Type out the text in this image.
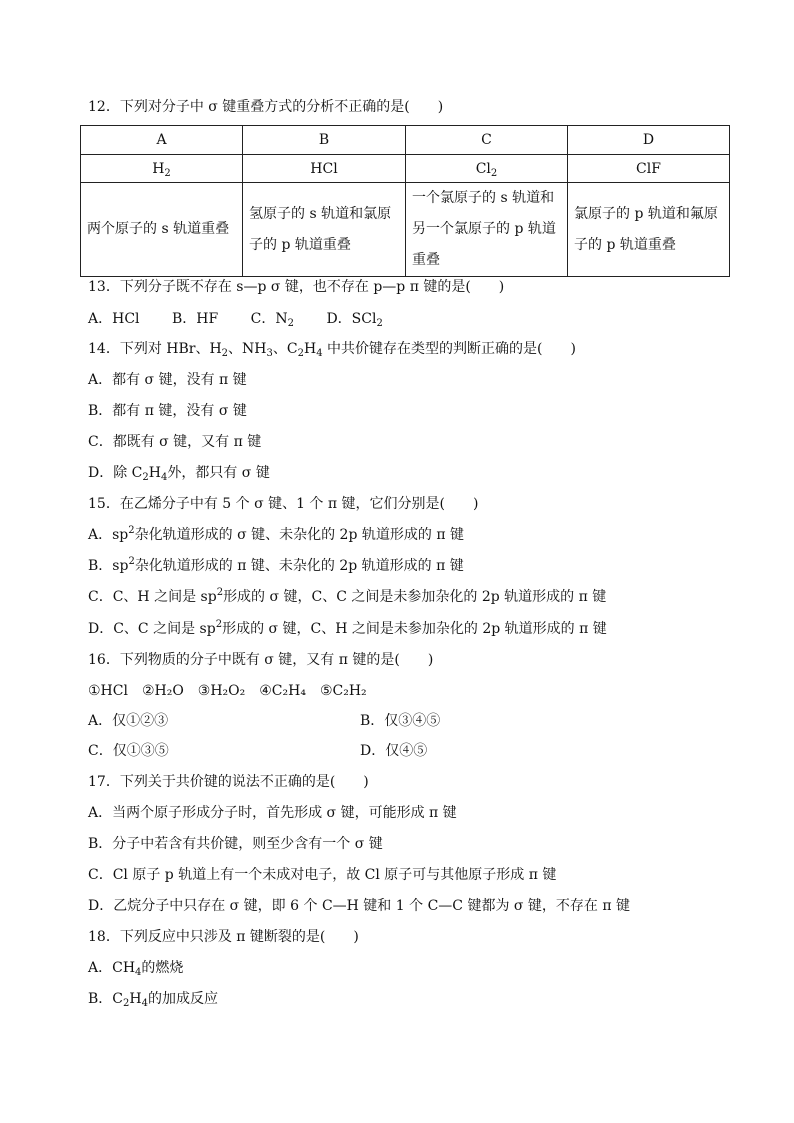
12．下列对分子中 σ 键重叠方式的分析不正确的是(　　)
A	B	C	D
$H_2$	HCl	$Cl_2$	ClF
两个原子的 s 轨道重叠	氢原子的 s 轨道和氯原子的 p 轨道重叠	一个氯原子的 s 轨道和另一个氯原子的 p 轨道重叠	氯原子的 p 轨道和氟原子的 p 轨道重叠
13．下列分子既不存在 s—p σ 键，也不存在 p—p π 键的是(　　)
A．HCl　　 B．HF　　 C．$N_2$　　 D．SCl$_2$
14．下列对 HBr、$H_2$、$NH_3$、$C_2H_4$ 中共价键存在类型的判断正确的是(　　)
A．都有 σ 键，没有 π 键
B．都有 π 键，没有 σ 键
C．都既有 σ 键，又有 π 键
D．除 $C_2H_4$外，都只有 σ 键
15．在乙烯分子中有 5 个 σ 键、1 个 π 键，它们分别是(　　)
A．$sp^2$杂化轨道形成的 σ 键、未杂化的 2p 轨道形成的 π 键
B．$sp^2$杂化轨道形成的 π 键、未杂化的 2p 轨道形成的 π 键
C．C、H 之间是 $sp^2$形成的 σ 键，C、C 之间是未参加杂化的 2p 轨道形成的 π 键
D．C、C 之间是 $sp^2$形成的 σ 键，C、H 之间是未参加杂化的 2p 轨道形成的 π 键
16．下列物质的分子中既有 σ 键，又有 π 键的是(　　)
①HCl　②H₂O　③H₂O₂　④C₂H₄　⑤C₂H₂
A．仅①②③	B．仅③④⑤
C．仅①③⑤	D．仅④⑤
17．下列关于共价键的说法不正确的是(　　)
A．当两个原子形成分子时，首先形成 σ 键，可能形成 π 键
B．分子中若含有共价键，则至少含有一个 σ 键
C．Cl 原子 p 轨道上有一个未成对电子，故 Cl 原子可与其他原子形成 π 键
D．乙烷分子中只存在 σ 键，即 6 个 C—H 键和 1 个 C—C 键都为 σ 键，不存在 π 键
18．下列反应中只涉及 π 键断裂的是(　　)
A．$CH_4$的燃烧
B．$C_2H_4$的加成反应
